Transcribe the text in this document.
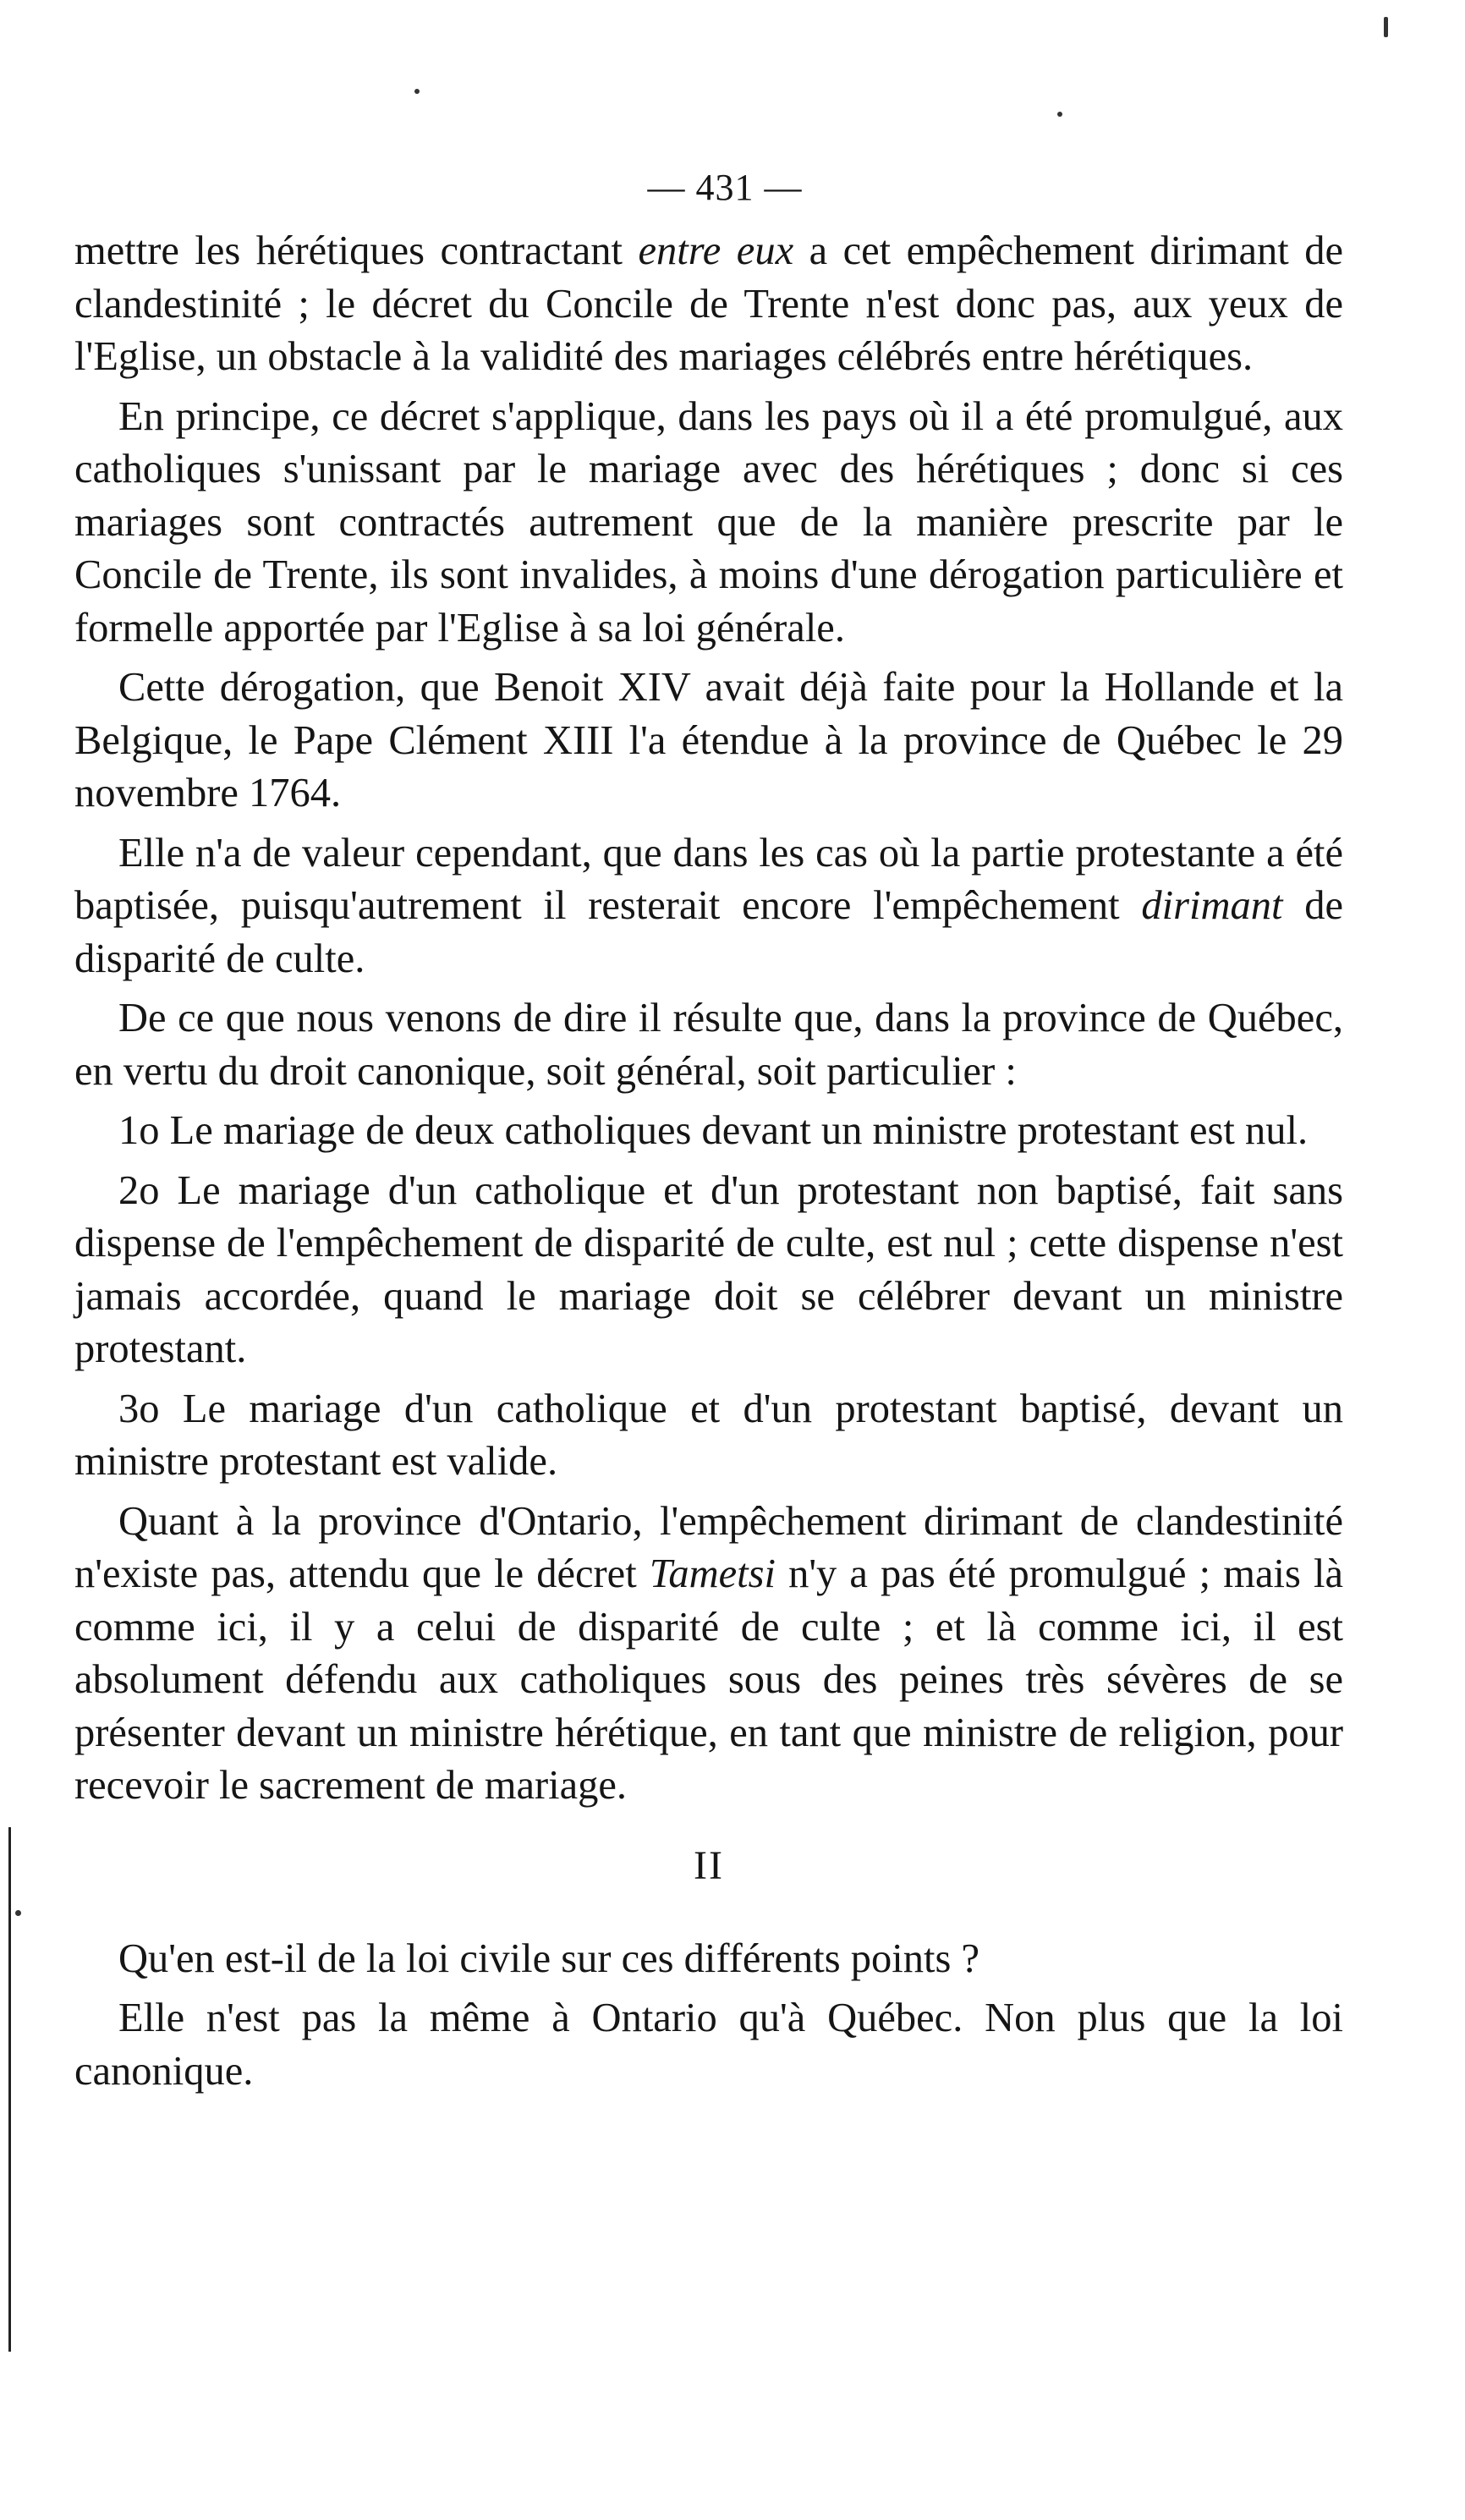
— 431 —

mettre les hérétiques contractant entre eux a cet empêchement dirimant de clandestinité ; le décret du Concile de Trente n'est donc pas, aux yeux de l'Eglise, un obstacle à la validité des mariages célébrés entre hérétiques.

En principe, ce décret s'applique, dans les pays où il a été promulgué, aux catholiques s'unissant par le mariage avec des hérétiques ; donc si ces mariages sont contractés autrement que de la manière prescrite par le Concile de Trente, ils sont invalides, à moins d'une dérogation particulière et formelle apportée par l'Eglise à sa loi générale.

Cette dérogation, que Benoit XIV avait déjà faite pour la Hollande et la Belgique, le Pape Clément XIII l'a étendue à la province de Québec le 29 novembre 1764.

Elle n'a de valeur cependant, que dans les cas où la partie protestante a été baptisée, puisqu'autrement il resterait encore l'empêchement dirimant de disparité de culte.

De ce que nous venons de dire il résulte que, dans la province de Québec, en vertu du droit canonique, soit général, soit particulier :

1o Le mariage de deux catholiques devant un ministre protestant est nul.

2o Le mariage d'un catholique et d'un protestant non baptisé, fait sans dispense de l'empêchement de disparité de culte, est nul ; cette dispense n'est jamais accordée, quand le mariage doit se célébrer devant un ministre protestant.

3o Le mariage d'un catholique et d'un protestant baptisé, devant un ministre protestant est valide.

Quant à la province d'Ontario, l'empêchement dirimant de clandestinité n'existe pas, attendu que le décret Tametsi n'y a pas été promulgué ; mais là comme ici, il y a celui de disparité de culte ; et là comme ici, il est absolument défendu aux catholiques sous des peines très sévères de se présenter devant un ministre hérétique, en tant que ministre de religion, pour recevoir le sacrement de mariage.

II

Qu'en est-il de la loi civile sur ces différents points ?

Elle n'est pas la même à Ontario qu'à Québec. Non plus que la loi canonique.
